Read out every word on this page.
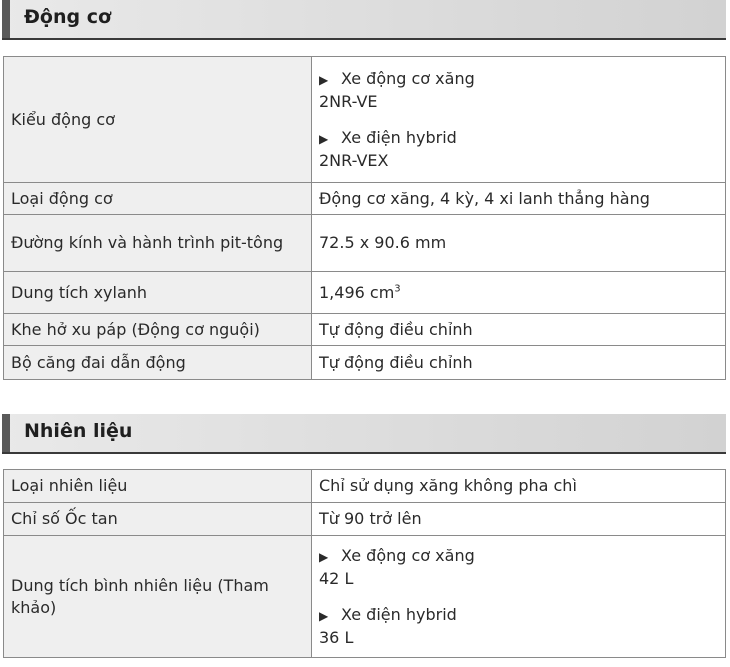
Động cơ
Kiểu động cơ	▶ Xe động cơ xăng
2NR-VE
▶ Xe điện hybrid
2NR-VEX

Loại động cơ	Động cơ xăng, 4 kỳ, 4 xi lanh thẳng hàng
Đường kính và hành trình pit-tông	72.5 x 90.6 mm
Dung tích xylanh	1,496 $cm^3$
Khe hở xu páp (Động cơ nguội)	Tự động điều chỉnh
Bộ căng đai dẫn động	Tự động điều chỉnh
Nhiên liệu
Loại nhiên liệu	Chỉ sử dụng xăng không pha chì
Chỉ số Ốc tan	Từ 90 trở lên
Dung tích bình nhiên liệu (Tham khảo)	▶ Xe động cơ xăng
42 L
▶ Xe điện hybrid
36 L
